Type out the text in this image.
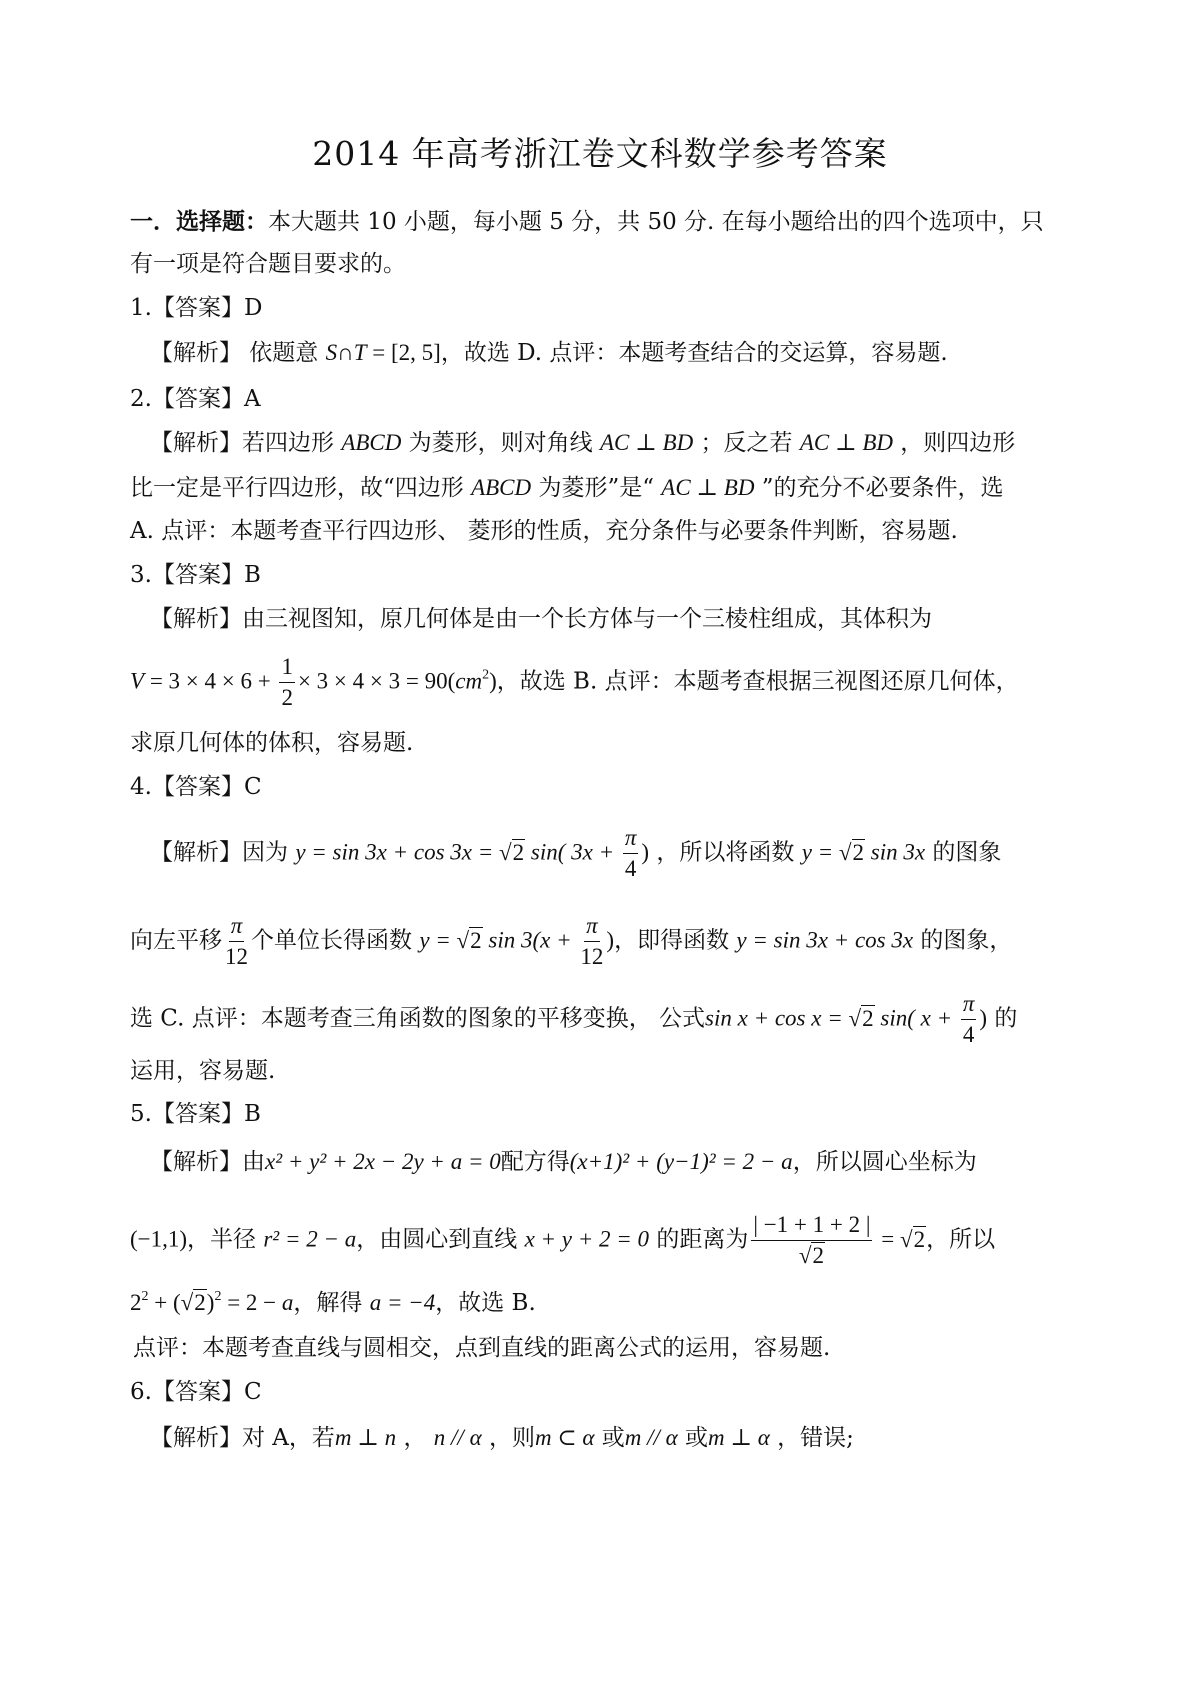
2014 年高考浙江卷文科数学参考答案
一．选择题：本大题共 10 小题，每小题 5 分，共 50 分. 在每小题给出的四个选项中，只
有一项是符合题目要求的。
1.【答案】D
【解析】 依题意 S∩T = [2, 5]，故选 D. 点评：本题考查结合的交运算，容易题.
2.【答案】A
【解析】若四边形 ABCD 为菱形，则对角线 AC ⊥ BD ；反之若 AC ⊥ BD ，则四边形
比一定是平行四边形，故“四边形 ABCD 为菱形”是“ AC ⊥ BD ”的充分不必要条件，选
A. 点评：本题考查平行四边形、 菱形的性质，充分条件与必要条件判断，容易题.
3.【答案】B
【解析】由三视图知，原几何体是由一个长方体与一个三棱柱组成，其体积为
$V = 3 \times 4 \times 6 + \frac{1}{2} \times 3 \times 4 \times 3 = 90(cm^2)$，故选 B. 点评：本题考查根据三视图还原几何体，
求原几何体的体积，容易题.
4.【答案】C
【解析】因为 y = sin 3x + cos 3x = √2 sin( $3x + \frac{\pi}{4}$ ) ，所以将函数 y = √2 sin 3x 的图象
向左平移 $\frac{\pi}{12}$ 个单位长得函数 y = √2 $\sin 3(x + \frac{\pi}{12}$ )，即得函数 y = sin 3x + cos 3x 的图象，
选 C. 点评：本题考查三角函数的图象的平移变换， 公式sin x + cos x = √2 sin( $x + \frac{\pi}{4}$ ) 的
运用，容易题.
5.【答案】B
【解析】由x² + y² + 2x − 2y + a = 0配方得(x+1)² + (y−1)² = 2 − a，所以圆心坐标为
(−1,1)，半径 r² = 2 − a，由圆心到直线 x + y + 2 = 0 的距离为 $\frac{| -1 + 1 + 2 |}{√2} = √2$，所以
$2^2 + (√2)^2 = 2 - a$，解得 a = −4，故选 B.
点评：本题考查直线与圆相交，点到直线的距离公式的运用，容易题.
6.【答案】C
【解析】对 A，若m ⊥ n ， n // α ，则m ⊂ α 或m // α 或m ⊥ α ，错误;
